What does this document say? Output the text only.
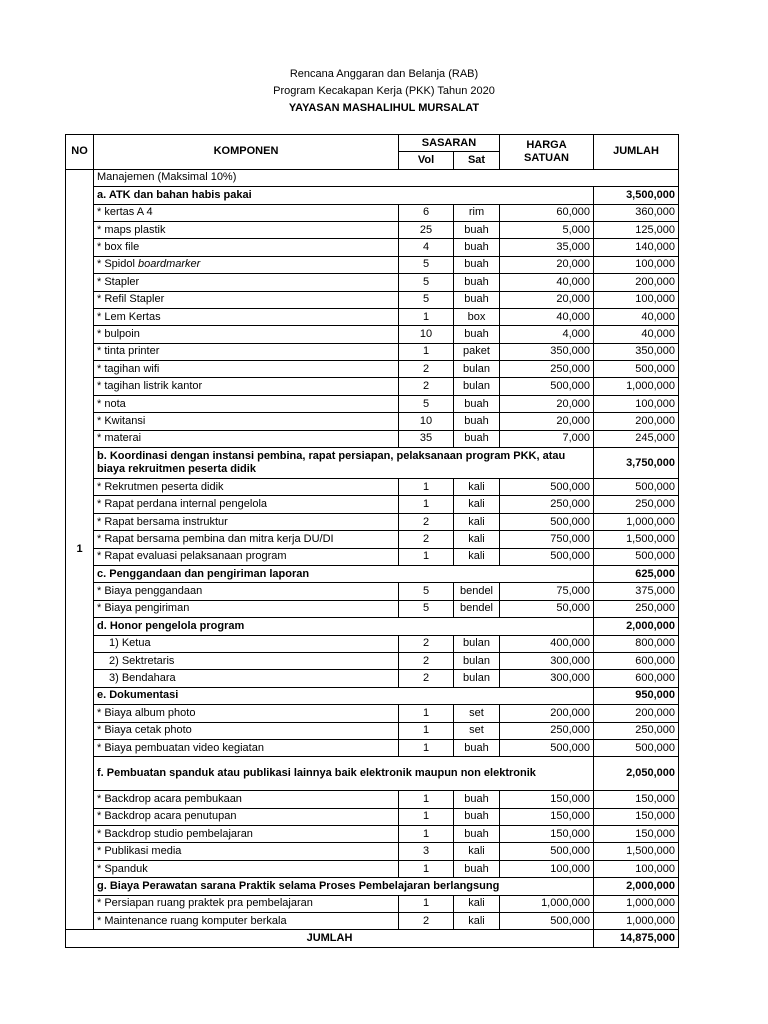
Rencana Anggaran dan Belanja (RAB)
Program Kecakapan Kerja (PKK) Tahun 2020
YAYASAN MASHALIHUL MURSALAT
NO	KOMPONEN	SASARAN		HARGA SATUAN	JUMLAH
		Vol	Sat		
1	Manajemen (Maksimal 10%)				
	a. ATK dan bahan habis pakai				3,500,000
	* kertas A 4	6	rim	60,000	360,000
	* maps plastik	25	buah	5,000	125,000
	* box file	4	buah	35,000	140,000
	* Spidol boardmarker	5	buah	20,000	100,000
	* Stapler	5	buah	40,000	200,000
	* Refil Stapler	5	buah	20,000	100,000
	* Lem Kertas	1	box	40,000	40,000
	* bulpoin	10	buah	4,000	40,000
	* tinta printer	1	paket	350,000	350,000
	* tagihan wifi	2	bulan	250,000	500,000
	* tagihan listrik kantor	2	bulan	500,000	1,000,000
	* nota	5	buah	20,000	100,000
	* Kwitansi	10	buah	20,000	200,000
	* materai	35	buah	7,000	245,000
	b. Koordinasi dengan instansi pembina, rapat persiapan, pelaksanaan program PKK, atau biaya rekruitmen peserta didik				3,750,000
	* Rekrutmen peserta didik	1	kali	500,000	500,000
	* Rapat perdana internal pengelola	1	kali	250,000	250,000
	* Rapat bersama instruktur	2	kali	500,000	1,000,000
	* Rapat bersama pembina dan mitra kerja DU/DI	2	kali	750,000	1,500,000
	* Rapat evaluasi pelaksanaan program	1	kali	500,000	500,000
	c. Penggandaan dan pengiriman laporan				625,000
	* Biaya penggandaan	5	bendel	75,000	375,000
	* Biaya pengiriman	5	bendel	50,000	250,000
	d. Honor pengelola program				2,000,000
	1) Ketua	2	bulan	400,000	800,000
	2) Sektretaris	2	bulan	300,000	600,000
	3) Bendahara	2	bulan	300,000	600,000
	e. Dokumentasi				950,000
	* Biaya album photo	1	set	200,000	200,000
	* Biaya cetak photo	1	set	250,000	250,000
	* Biaya pembuatan video kegiatan	1	buah	500,000	500,000
	f. Pembuatan spanduk atau publikasi lainnya baik elektronik maupun non elektronik				2,050,000
	* Backdrop acara pembukaan	1	buah	150,000	150,000
	* Backdrop acara penutupan	1	buah	150,000	150,000
	* Backdrop studio pembelajaran	1	buah	150,000	150,000
	* Publikasi media	3	kali	500,000	1,500,000
	* Spanduk	1	buah	100,000	100,000
	g. Biaya Perawatan sarana Praktik selama Proses Pembelajaran berlangsung				2,000,000
	* Persiapan ruang praktek pra pembelajaran	1	kali	1,000,000	1,000,000
	* Maintenance ruang komputer berkala	2	kali	500,000	1,000,000
JUMLAH					14,875,000
